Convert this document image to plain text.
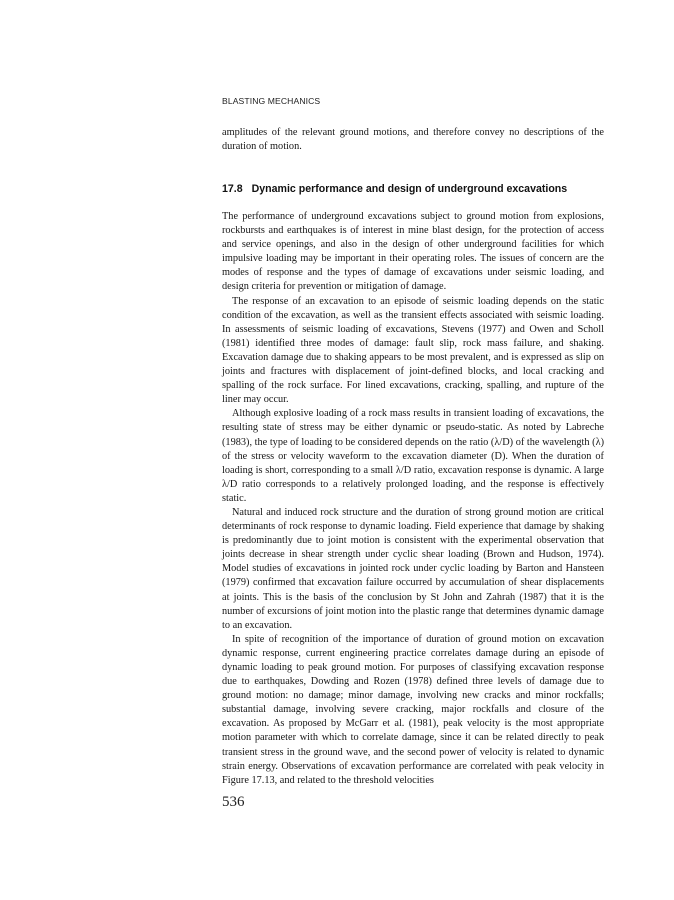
BLASTING MECHANICS

amplitudes of the relevant ground motions, and therefore convey no descriptions of the duration of motion.

17.8 Dynamic performance and design of underground excavations

The performance of underground excavations subject to ground motion from explosions, rockbursts and earthquakes is of interest in mine blast design, for the protection of access and service openings, and also in the design of other underground facilities for which impulsive loading may be important in their operating roles. The issues of concern are the modes of response and the types of damage of excavations under seismic loading, and design criteria for prevention or mitigation of damage.

The response of an excavation to an episode of seismic loading depends on the static condition of the excavation, as well as the transient effects associated with seismic loading. In assessments of seismic loading of excavations, Stevens (1977) and Owen and Scholl (1981) identified three modes of damage: fault slip, rock mass failure, and shaking. Excavation damage due to shaking appears to be most prevalent, and is expressed as slip on joints and fractures with displacement of joint-defined blocks, and local cracking and spalling of the rock surface. For lined excavations, cracking, spalling, and rupture of the liner may occur.

Although explosive loading of a rock mass results in transient loading of excavations, the resulting state of stress may be either dynamic or pseudo-static. As noted by Labreche (1983), the type of loading to be considered depends on the ratio (λ/D) of the wavelength (λ) of the stress or velocity waveform to the excavation diameter (D). When the duration of loading is short, corresponding to a small λ/D ratio, excavation response is dynamic. A large λ/D ratio corresponds to a relatively prolonged loading, and the response is effectively static.

Natural and induced rock structure and the duration of strong ground motion are critical determinants of rock response to dynamic loading. Field experience that damage by shaking is predominantly due to joint motion is consistent with the experimental observation that joints decrease in shear strength under cyclic shear loading (Brown and Hudson, 1974). Model studies of excavations in jointed rock under cyclic loading by Barton and Hansteen (1979) confirmed that excavation failure occurred by accumulation of shear displacements at joints. This is the basis of the conclusion by St John and Zahrah (1987) that it is the number of excursions of joint motion into the plastic range that determines dynamic damage to an excavation.

In spite of recognition of the importance of duration of ground motion on excavation dynamic response, current engineering practice correlates damage during an episode of dynamic loading to peak ground motion. For purposes of classifying excavation response due to earthquakes, Dowding and Rozen (1978) defined three levels of damage due to ground motion: no damage; minor damage, involving new cracks and minor rockfalls; substantial damage, involving severe cracking, major rockfalls and closure of the excavation. As proposed by McGarr et al. (1981), peak velocity is the most appropriate motion parameter with which to correlate damage, since it can be related directly to peak transient stress in the ground wave, and the second power of velocity is related to dynamic strain energy. Observations of excavation performance are correlated with peak velocity in Figure 17.13, and related to the threshold velocities

536
